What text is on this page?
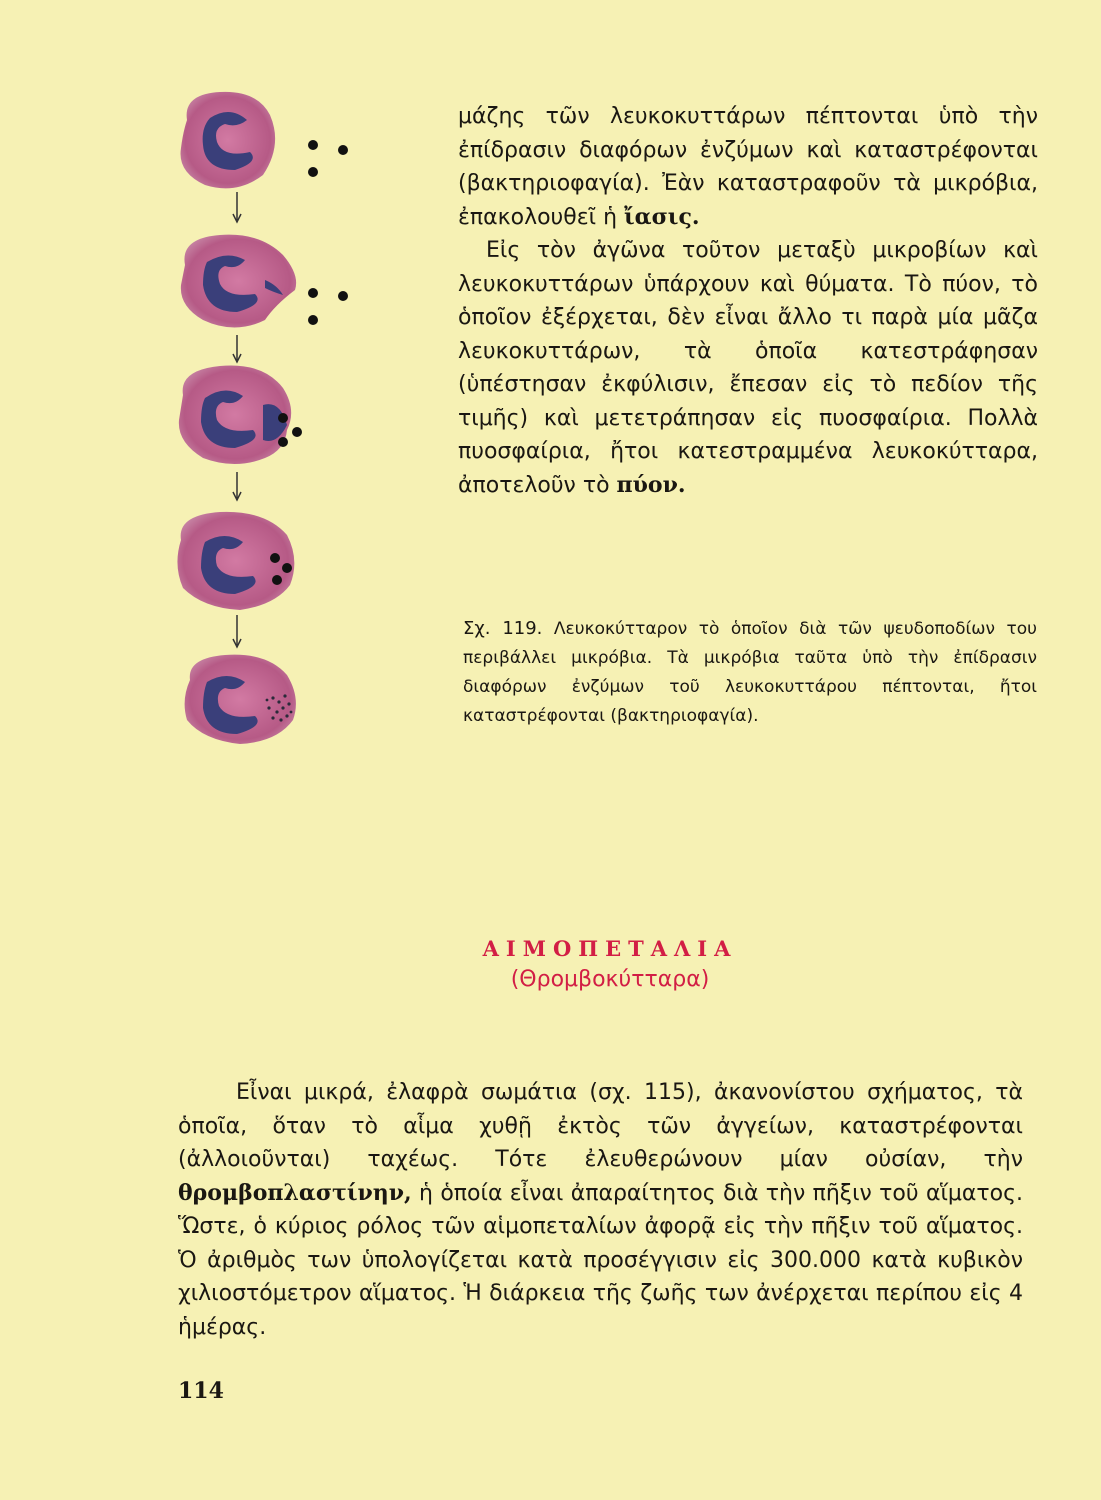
μάζης τῶν λευκοκυττάρων πέπτονται ὑπὸ τὴν ἐπίδρασιν διαφόρων ἐνζύμων καὶ καταστρέφονται (βακτηριοφαγία). Ἐὰν καταστραφοῦν τὰ μικρόβια, ἐπακολουθεῖ ἡ ἴασις.

Εἰς τὸν ἀγῶνα τοῦτον μεταξὺ μικροβίων καὶ λευκοκυττάρων ὑπάρχουν καὶ θύματα. Τὸ πύον, τὸ ὁποῖον ἐξέρχεται, δὲν εἶναι ἄλλο τι παρὰ μία μᾶζα λευκοκυττάρων, τὰ ὁποῖα κατεστράφησαν (ὑπέστησαν ἐκφύλισιν, ἔπεσαν εἰς τὸ πεδίον τῆς τιμῆς) καὶ μετετράπησαν εἰς πυοσφαίρια. Πολλὰ πυοσφαίρια, ἤτοι κατεστραμμένα λευκοκύτταρα, ἀποτελοῦν τὸ πύον.

Σχ. 119. Λευκοκύτταρον τὸ ὁποῖον διὰ τῶν ψευδοποδίων του περιβάλλει μικρόβια. Τὰ μικρόβια ταῦτα ὑπὸ τὴν ἐπίδρασιν διαφόρων ἐνζύμων τοῦ λευκοκυττάρου πέπτονται, ἤτοι καταστρέφονται (βακτηριοφαγία).
ΑΙΜΟΠΕΤΑΛΙΑ
(Θρομβοκύτταρα)

Εἶναι μικρά, ἐλαφρὰ σωμάτια (σχ. 115), ἀκανονίστου σχήματος, τὰ ὁποῖα, ὅταν τὸ αἷμα χυθῇ ἐκτὸς τῶν ἀγγείων, καταστρέφονται (ἀλλοιοῦνται) ταχέως. Τότε ἐλευθερώνουν μίαν οὐσίαν, τὴν θρομβοπλαστίνην, ἡ ὁποία εἶναι ἀπαραίτητος διὰ τὴν πῆξιν τοῦ αἵματος. Ὥστε, ὁ κύριος ρόλος τῶν αἱμοπεταλίων ἀφορᾷ εἰς τὴν πῆξιν τοῦ αἵματος. Ὁ ἀριθμὸς των ὑπολογίζεται κατὰ προσέγγισιν εἰς 300.000 κατὰ κυβικὸν χιλιοστόμετρον αἵματος. Ἡ διάρκεια τῆς ζωῆς των ἀνέρχεται περίπου εἰς 4 ἡμέρας.

114
